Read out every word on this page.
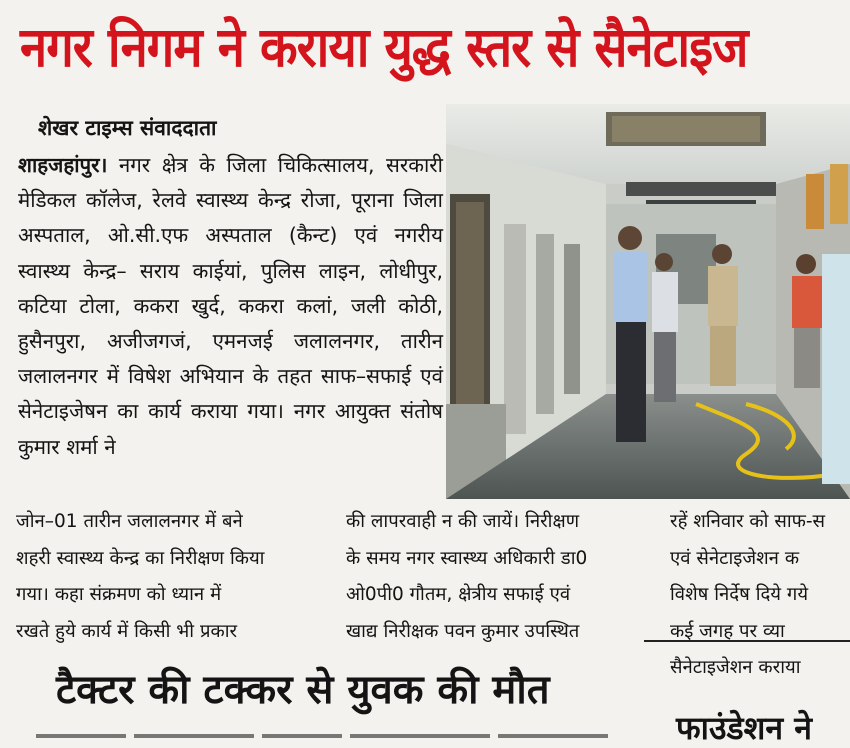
नगर निगम ने कराया युद्ध स्तर से सैनेटाइज
शेखर टाइम्स संवाददाता
शाहजहांपुर। नगर क्षेत्र के जिला चिकित्सालय, सरकारी मेडिकल कॉलेज, रेलवे स्वास्थ्य केन्द्र रोजा, पूराना जिला अस्पताल, ओ.सी.एफ अस्पताल (कैन्ट) एवं नगरीय स्वास्थ्य केन्द्र– सराय काईयां, पुलिस लाइन, लोधीपुर, कटिया टोला, ककरा खुर्द, ककरा कलां, जली कोठी, हुसैनपुरा, अजीजगजं, एमनजई जलालनगर, तारीन जलालनगर में विषेश अभियान के तहत साफ–सफाई एवं सेनेटाइजेषन का कार्य कराया गया। नगर आयुक्त संतोष कुमार शर्मा ने
जोन–01 तारीन जलालनगर में बने
शहरी स्वास्थ्य केन्द्र का निरीक्षण किया
गया। कहा संक्रमण को ध्यान में
रखते हुये कार्य में किसी भी प्रकार
की लापरवाही न की जायें। निरीक्षण
के समय नगर स्वास्थ्य अधिकारी डा0
ओ0पी0 गौतम, क्षेत्रीय सफाई एवं
खाद्य निरीक्षक पवन कुमार उपस्थित
रहें शनिवार को साफ-स
एवं सेनेटाइजेशन क
विशेष निर्देष दिये गये
कई जगह पर व्या
सैनेटाइजेशन कराया
टैक्टर की टक्कर से युवक की मौत
फाउंडेशन ने
